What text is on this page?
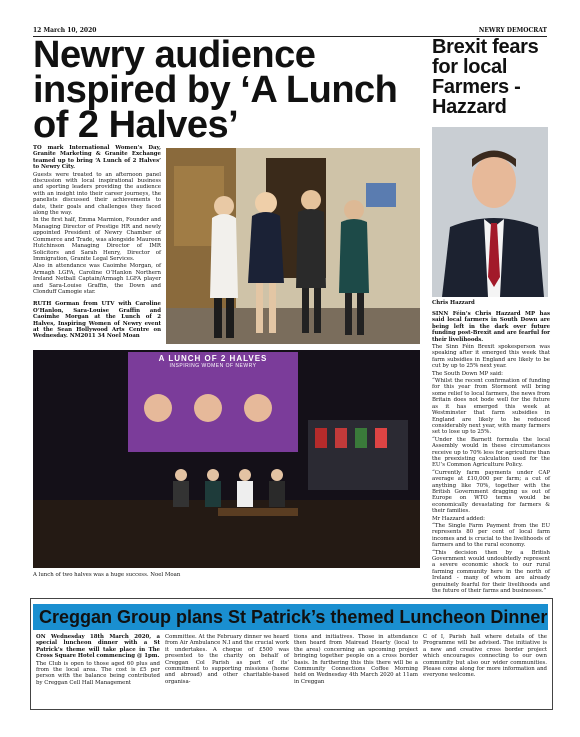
12 March 10, 2020	NEWRY DEMOCRAT
Newry audience inspired by ‘A Lunch of 2 Halves’

TO mark International Women’s Day, Granite Marketing & Granite Exchange teamed up to bring ‘A Lunch of 2 Halves’ to Newry City.

Guests were treated to an afternoon panel discussion with local inspirational business and sporting leaders providing the audience with an insight into their career journeys, the panelists discussed their achievements to date, their goals and challenges they faced along the way.

In the first half, Emma Marmion, Founder and Managing Director of Prestige HR and newly appointed President of Newry Chamber of Commerce and Trade, was alongside Maureen Hutchinson Managing Director of IMR Solicitors and Sarah Henry, Director of Immigration, Granite Legal Services.

Also in attendance was Caoimhe Morgan, of Armagh LGFA, Caroline O’Hanlon Northern Ireland Netball Captain/Armagh LGFA player and Sara-Louise Graffin, the Down and Clonduff Camogie star.

RUTH Gorman from UTV with Caroline O’Hanlon, Sara-Louise Graffin and Caoimhe Morgan at the Lunch of 2 Halves, Inspiring Women of Newry event at the Sean Hollywood Arts Centre on Wednesday. NM2011 34 Noel Moan

A LUNCH OF 2 HALVES
INSPIRING WOMEN OF NEWRY
A lunch of two halves was a huge success. Noel Moan
Brexit fears for local Farmers - Hazzard
Chris Hazzard

SINN Féin’s Chris Hazzard MP has said local farmers in South Down are being left in the dark over future funding post-Brexit and are fearful for their livelihoods.

The Sinn Féin Brexit spokesperson was speaking after it emerged this week that farm subsidies in England are likely to be cut by up to 25% next year.

The South Down MP said:

“Whilst the recent confirmation of funding for this year from Stormont will bring some relief to local farmers, the news from Britain does not bode well for the future as it has emerged this week at Westminster that farm subsidies in England are likely to be reduced considerably next year, with many farmers set to lose up to 25%.

“Under the Barnett formula the local Assembly would in these circumstances receive up to 70% less for agriculture than the preexisting calculation used for the EU’s Common Agriculture Policy.

“Currently farm payments under CAP average at £10,000 per farm; a cut of anything like 70%, together with the British Government dragging us out of Europe on WTO terms would be economically devastating for farmers & their families.

Mr Hazzard added:

“The Single Farm Payment from the EU represents 80 per cent of local farm incomes and is crucial to the livelihoods of farmers and to the rural economy.

“This decision then by a British Government would undoubtedly represent a severe economic shock to our rural farming community here in the north of Ireland - many of whom are already genuinely fearful for their livelihoods and the future of their farms and businesses.”

Creggan Group plans St Patrick’s themed Luncheon Dinner

ON Wednesday 18th March 2020, a special luncheon dinner with a St Patrick’s theme will take place in The Cross Square Hotel commencing @ 1pm.

The Club is open to those aged 60 plus and from the local area. The cost is £5 per person with the balance being contributed by Creggan Cell Hall Management

Committee. At the February dinner we heard from Air Ambulance N.I and the crucial work it undertakes. A cheque of £500 was presented to the charity on behalf of Creggan Col Parish as part of its’ commitment to supporting missions (home and abroad) and other charitable-based organisa-
tions and initiatives. Those in attendance then heard from Mairead Hearty (local to the area) concerning an upcoming project bringing together people on a cross border basis. In furthering this this there will be a Community Connections Coffee Morning held on Wednesday 4th March 2020 at 11am in Creggan
C of I, Parish hall where details of the Programme will be advised. The initiative is a new and creative cross border project which encourages connecting to our own community but also our wider communities. Please come along for more information and everyone welcome.
